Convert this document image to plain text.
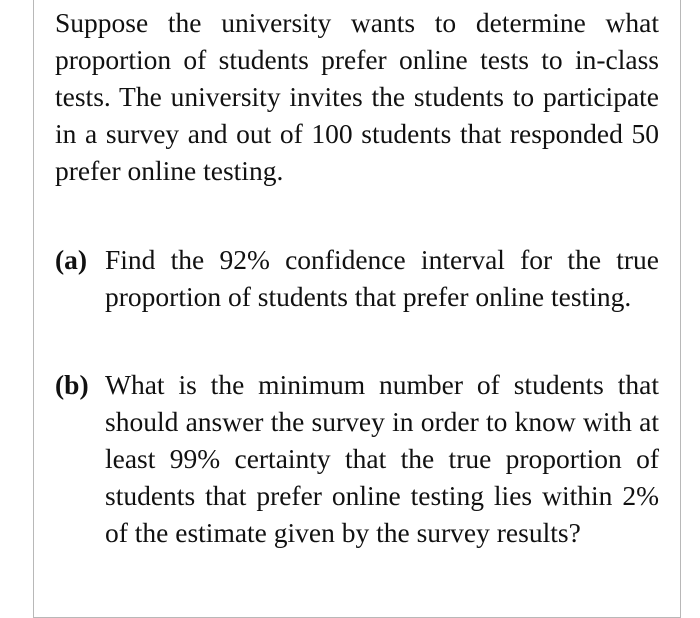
Suppose the university wants to determine what proportion of students prefer online tests to in-class tests. The university invites the students to participate in a survey and out of 100 students that responded 50 prefer online testing.
(a) Find the 92% confidence interval for the true proportion of students that prefer online testing.
(b) What is the minimum number of students that should answer the survey in order to know with at least 99% certainty that the true proportion of students that prefer online testing lies within 2% of the estimate given by the survey results?
